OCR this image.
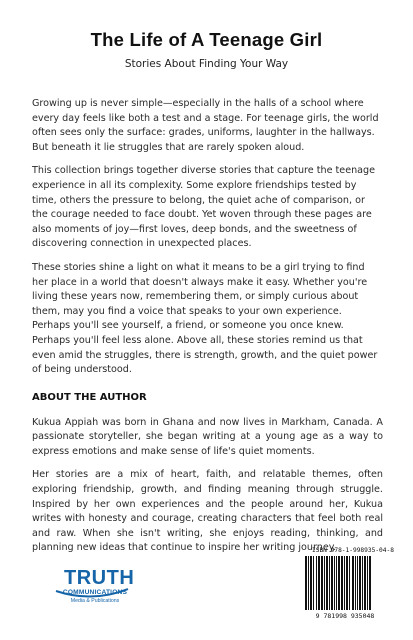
The Life of A Teenage Girl
Stories About Finding Your Way

Growing up is never simple—especially in the halls of a school where every day feels like both a test and a stage. For teenage girls, the world often sees only the surface: grades, uniforms, laughter in the hallways. But beneath it lie struggles that are rarely spoken aloud.

This collection brings together diverse stories that capture the teenage experience in all its complexity. Some explore friendships tested by time, others the pressure to belong, the quiet ache of comparison, or the courage needed to face doubt. Yet woven through these pages are also moments of joy—first loves, deep bonds, and the sweetness of discovering connection in unexpected places.

These stories shine a light on what it means to be a girl trying to find her place in a world that doesn't always make it easy. Whether you're living these years now, remembering them, or simply curious about them, may you find a voice that speaks to your own experience. Perhaps you'll see yourself, a friend, or someone you once knew. Perhaps you'll feel less alone. Above all, these stories remind us that even amid the struggles, there is strength, growth, and the quiet power of being understood.

ABOUT THE AUTHOR

Kukua Appiah was born in Ghana and now lives in Markham, Canada. A passionate storyteller, she began writing at a young age as a way to express emotions and make sense of life's quiet moments.

Her stories are a mix of heart, faith, and relatable themes, often exploring friendship, growth, and finding meaning through struggle. Inspired by her own experiences and the people around her, Kukua writes with honesty and courage, creating characters that feel both real and raw. When she isn't writing, she enjoys reading, thinking, and planning new ideas that continue to inspire her writing journey.

TRUTH
COMMUNICATIONS
Media & Publications
ISBN 978-1-998935-04-8
9 781998 935048
